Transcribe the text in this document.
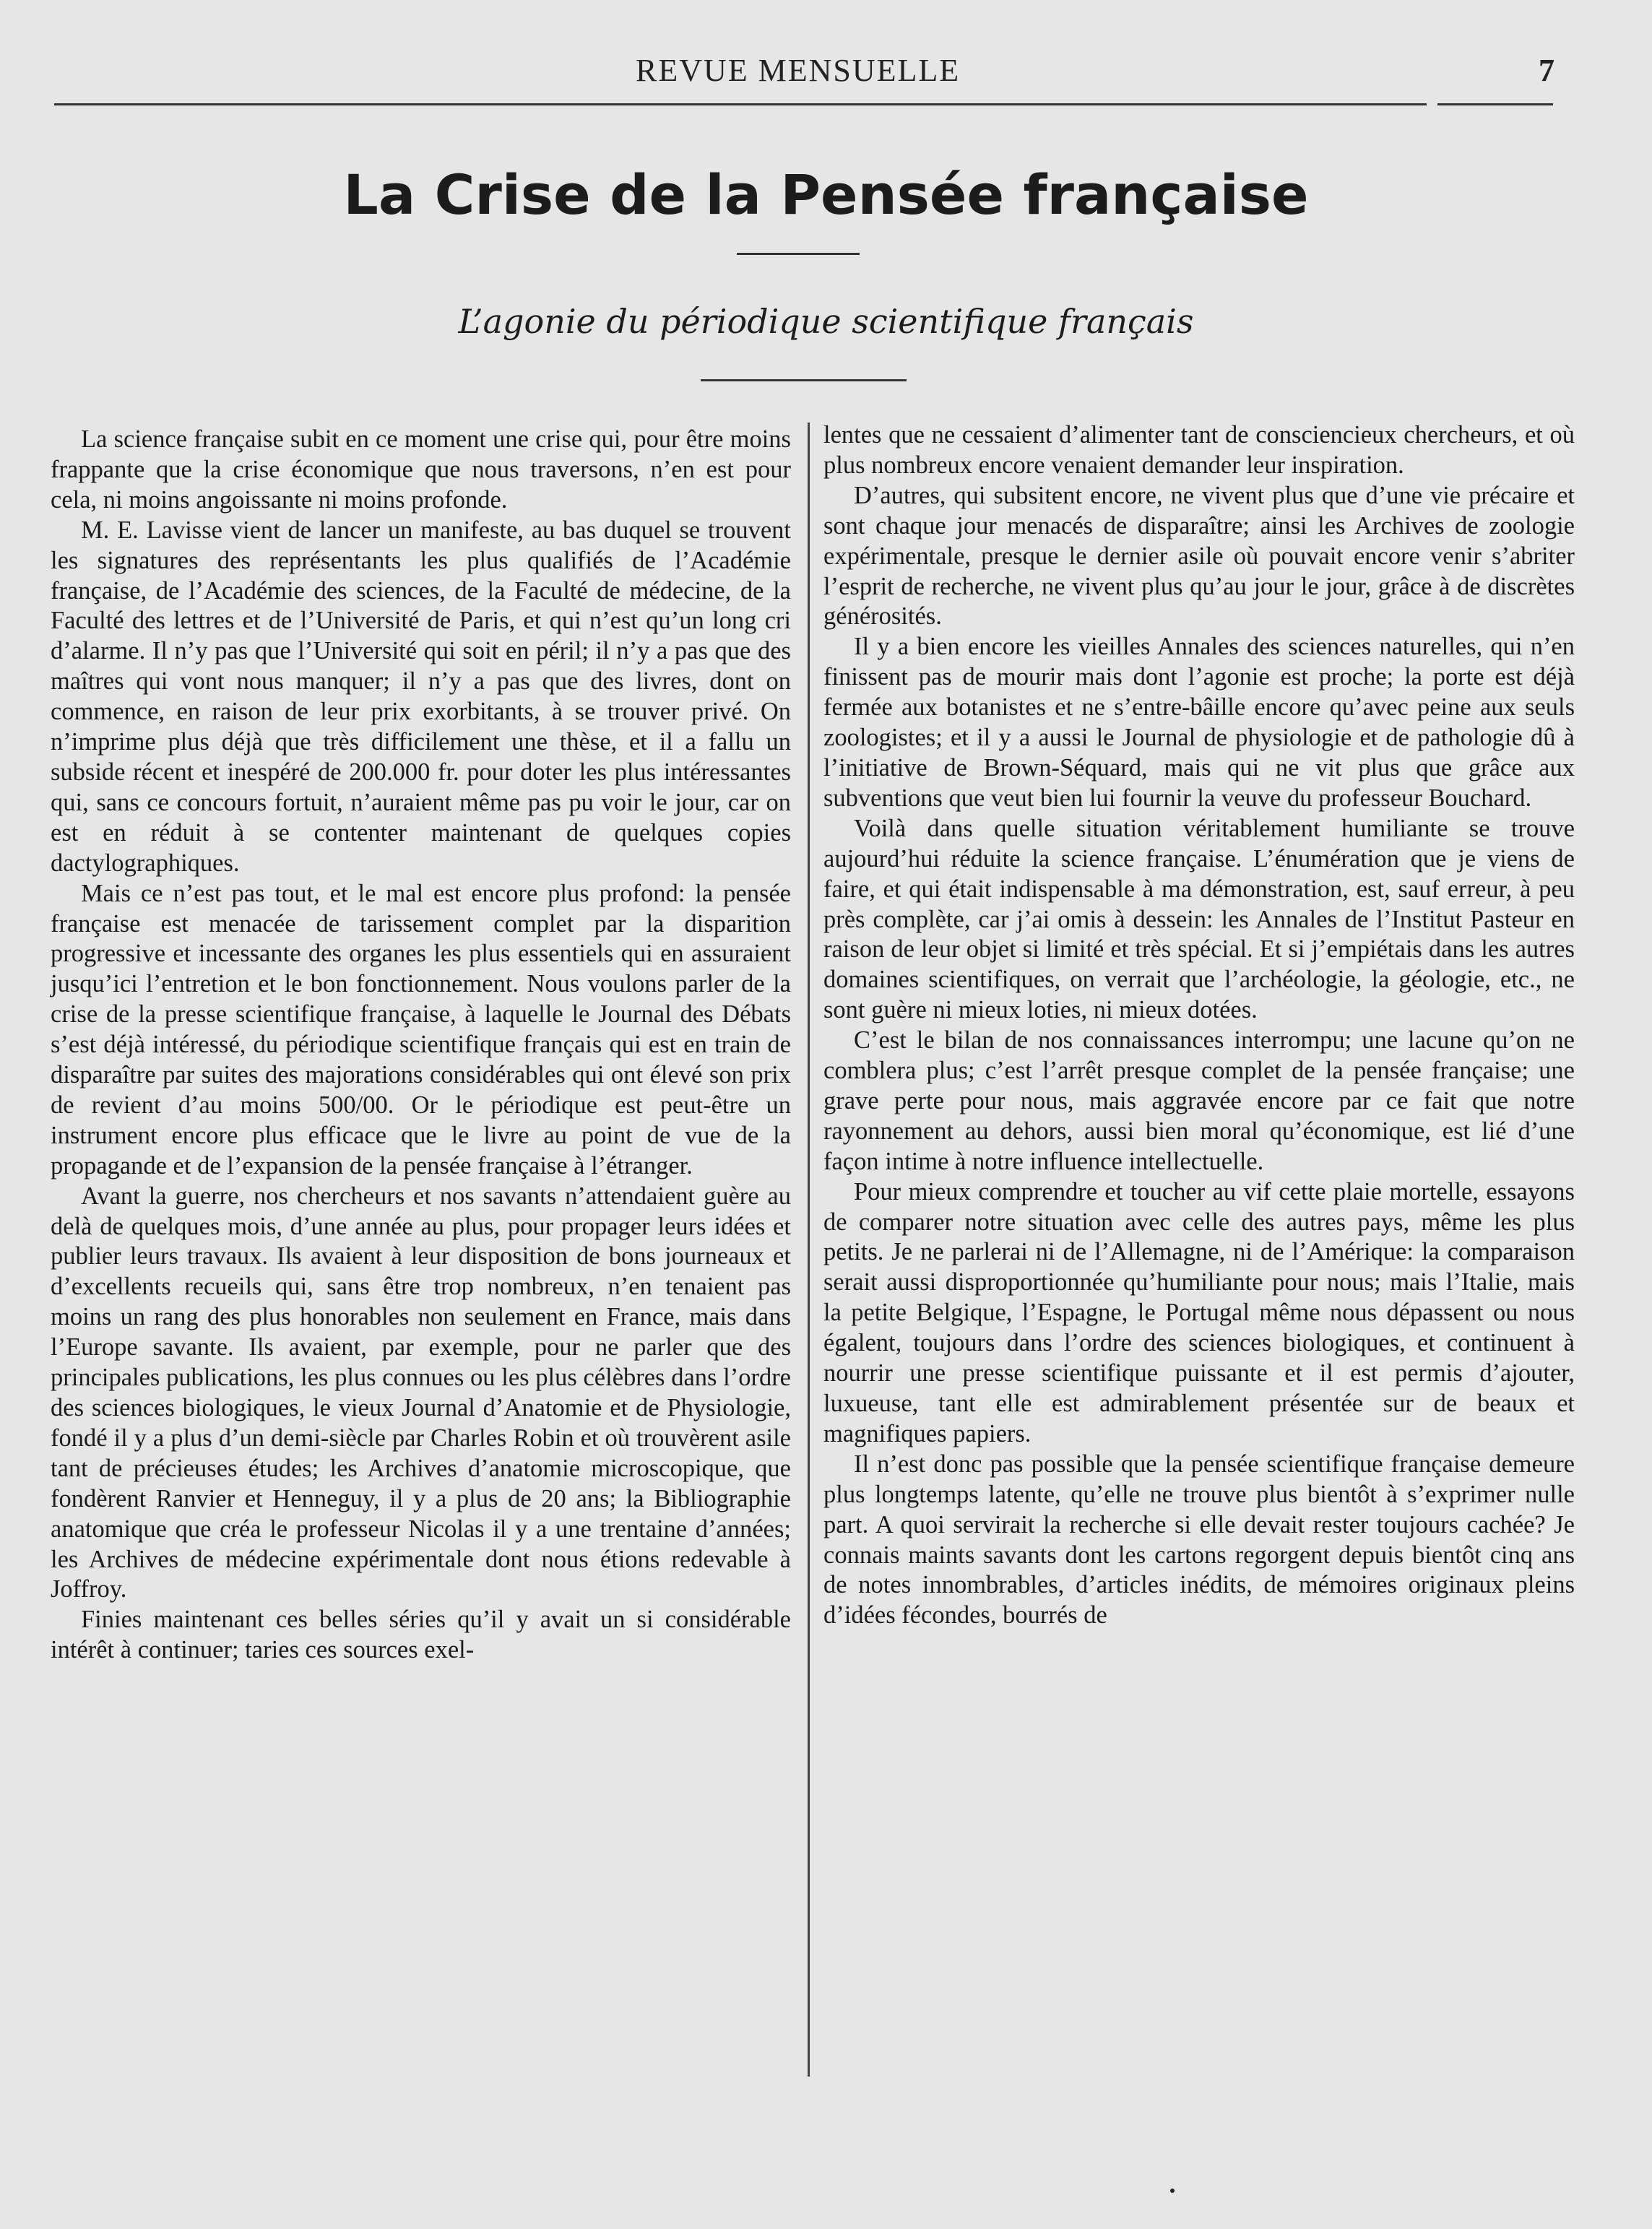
REVUE MENSUELLE	7
La Crise de la Pensée française
L’agonie du périodique scientifique français

La science française subit en ce moment une crise qui, pour être moins frappante que la crise économique que nous traversons, n’en est pour cela, ni moins angoissante ni moins profonde.

M. E. Lavisse vient de lancer un manifeste, au bas duquel se trouvent les signatures des représentants les plus qualifiés de l’Académie française, de l’Académie des sciences, de la Faculté de médecine, de la Faculté des lettres et de l’Université de Paris, et qui n’est qu’un long cri d’alarme. Il n’y pas que l’Université qui soit en péril; il n’y a pas que des maîtres qui vont nous manquer; il n’y a pas que des livres, dont on commence, en raison de leur prix exorbitants, à se trouver privé. On n’imprime plus déjà que très difficilement une thèse, et il a fallu un subside récent et inespéré de 200.000 fr. pour doter les plus intéressantes qui, sans ce concours fortuit, n’auraient même pas pu voir le jour, car on est en réduit à se contenter maintenant de quelques copies dactylographiques.

Mais ce n’est pas tout, et le mal est encore plus profond: la pensée française est menacée de tarissement complet par la disparition progressive et incessante des organes les plus essentiels qui en assuraient jusqu’ici l’entretion et le bon fonctionnement. Nous voulons parler de la crise de la presse scientifique française, à laquelle le Journal des Débats s’est déjà intéressé, du périodique scientifique français qui est en train de disparaître par suites des majorations considérables qui ont élevé son prix de revient d’au moins 500/00. Or le périodique est peut-être un instrument encore plus efficace que le livre au point de vue de la propagande et de l’expansion de la pensée française à l’étranger.

Avant la guerre, nos chercheurs et nos savants n’attendaient guère au delà de quelques mois, d’une année au plus, pour propager leurs idées et publier leurs travaux. Ils avaient à leur disposition de bons journeaux et d’excellents recueils qui, sans être trop nombreux, n’en tenaient pas moins un rang des plus honorables non seulement en France, mais dans l’Europe savante. Ils avaient, par exemple, pour ne parler que des principales publications, les plus connues ou les plus célèbres dans l’ordre des sciences biologiques, le vieux Journal d’Anatomie et de Physiologie, fondé il y a plus d’un demi-siècle par Charles Robin et où trouvèrent asile tant de précieuses études; les Archives d’anatomie microscopique, que fondèrent Ranvier et Henneguy, il y a plus de 20 ans; la Bibliographie anatomique que créa le professeur Nicolas il y a une trentaine d’années; les Archives de médecine expérimentale dont nous étions redevable à Joffroy.

Finies maintenant ces belles séries qu’il y avait un si considérable intérêt à continuer; taries ces sources exel-

lentes que ne cessaient d’alimenter tant de consciencieux chercheurs, et où plus nombreux encore venaient demander leur inspiration.

D’autres, qui subsitent encore, ne vivent plus que d’une vie précaire et sont chaque jour menacés de disparaître; ainsi les Archives de zoologie expérimentale, presque le dernier asile où pouvait encore venir s’abriter l’esprit de recherche, ne vivent plus qu’au jour le jour, grâce à de discrètes générosités.

Il y a bien encore les vieilles Annales des sciences naturelles, qui n’en finissent pas de mourir mais dont l’agonie est proche; la porte est déjà fermée aux botanistes et ne s’entre-bâille encore qu’avec peine aux seuls zoologistes; et il y a aussi le Journal de physiologie et de pathologie dû à l’initiative de Brown-Séquard, mais qui ne vit plus que grâce aux subventions que veut bien lui fournir la veuve du professeur Bouchard.

Voilà dans quelle situation véritablement humiliante se trouve aujourd’hui réduite la science française. L’énumération que je viens de faire, et qui était indispensable à ma démonstration, est, sauf erreur, à peu près complète, car j’ai omis à dessein: les Annales de l’Institut Pasteur en raison de leur objet si limité et très spécial. Et si j’empiétais dans les autres domaines scientifiques, on verrait que l’archéologie, la géologie, etc., ne sont guère ni mieux loties, ni mieux dotées.

C’est le bilan de nos connaissances interrompu; une lacune qu’on ne comblera plus; c’est l’arrêt presque complet de la pensée française; une grave perte pour nous, mais aggravée encore par ce fait que notre rayonnement au dehors, aussi bien moral qu’économique, est lié d’une façon intime à notre influence intellectuelle.

Pour mieux comprendre et toucher au vif cette plaie mortelle, essayons de comparer notre situation avec celle des autres pays, même les plus petits. Je ne parlerai ni de l’Allemagne, ni de l’Amérique: la comparaison serait aussi disproportionnée qu’humiliante pour nous; mais l’Italie, mais la petite Belgique, l’Espagne, le Portugal même nous dépassent ou nous égalent, toujours dans l’ordre des sciences biologiques, et continuent à nourrir une presse scientifique puissante et il est permis d’ajouter, luxueuse, tant elle est admirablement présentée sur de beaux et magnifiques papiers.

Il n’est donc pas possible que la pensée scientifique française demeure plus longtemps latente, qu’elle ne trouve plus bientôt à s’exprimer nulle part. A quoi servirait la recherche si elle devait rester toujours cachée? Je connais maints savants dont les cartons regorgent depuis bientôt cinq ans de notes innombrables, d’articles inédits, de mémoires originaux pleins d’idées fécondes, bourrés de
